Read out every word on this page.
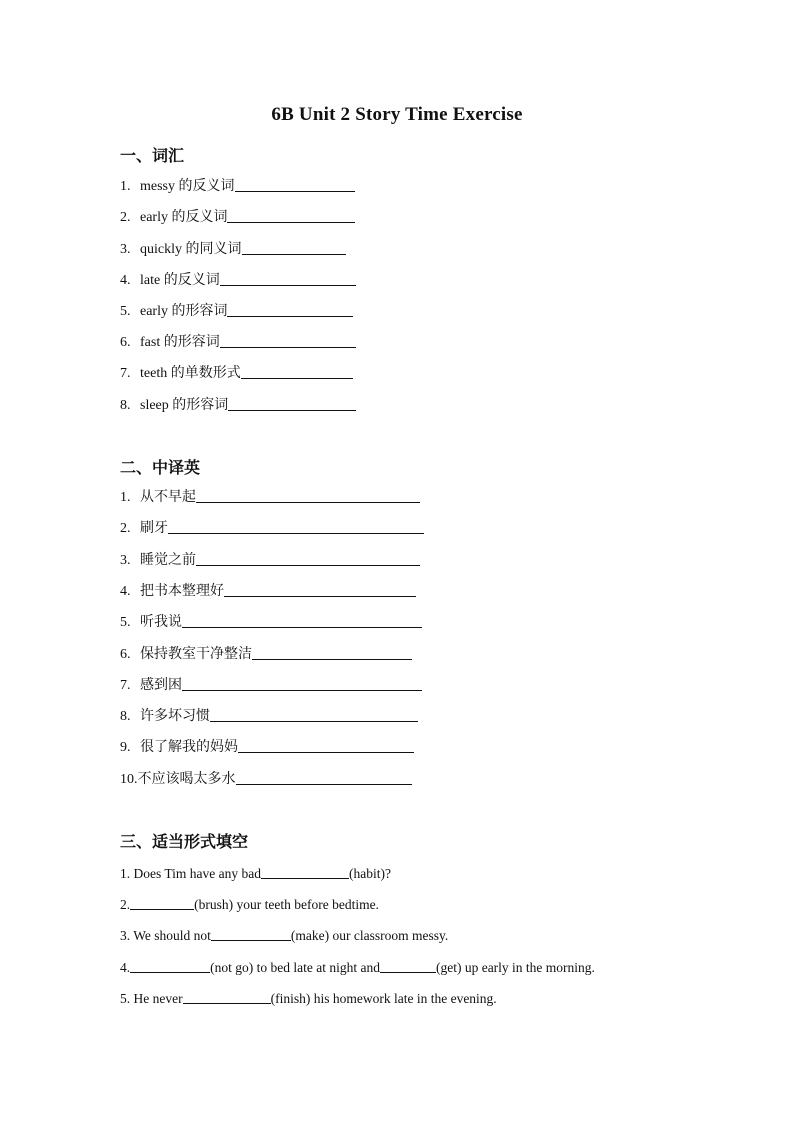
6B Unit 2 Story Time Exercise
一、词汇
1. messy 的反义词
2. early 的反义词
3. quickly 的同义词
4. late 的反义词
5. early 的形容词
6. fast 的形容词
7. teeth 的单数形式
8. sleep 的形容词
二、中译英
1. 从不早起
2. 刷牙
3. 睡觉之前
4. 把书本整理好
5. 听我说
6. 保持教室干净整洁
7. 感到困
8. 许多坏习惯
9. 很了解我的妈妈
10. 不应该喝太多水
三、适当形式填空
1. Does Tim have any bad	(habit)?
2.	(brush) your teeth before bedtime.
3. We should not	(make) our classroom messy.
4.	(not go) to bed late at night and	(get) up early in the morning.
5. He never	(finish) his homework late in the evening.
